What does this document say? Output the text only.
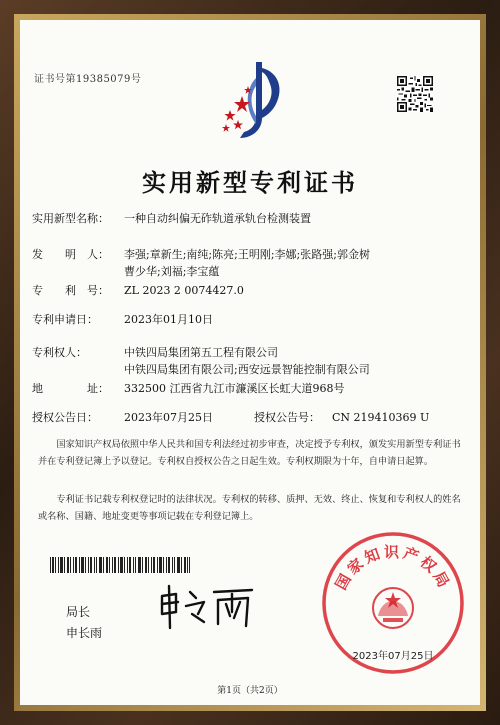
证书号第19385079号
实用新型专利证书
实用新型名称： 一种自动纠偏无砟轨道承轨台检测装置
发　　明　人： 李强;章新生;南纯;陈亮;王明刚;李娜;张路强;郭金树
曹少华;刘福;李宝蕴
专　　利　号： ZL 2023 2 0074427.0
专利申请日： 2023年01月10日
专利权人：	中铁四局集团第五工程有限公司
中铁四局集团有限公司;西安远景智能控制有限公司
地　　　　址： 332500 江西省九江市濂溪区长虹大道968号
授权公告日： 2023年07月25日	授权公告号： CN 219410369 U
国家知识产权局依照中华人民共和国专利法经过初步审查，决定授予专利权，颁发实用新型专利证书并在专利登记簿上予以登记。专利权自授权公告之日起生效。专利权期限为十年，自申请日起算。
专利证书记载专利权登记时的法律状况。专利权的转移、质押、无效、终止、恢复和专利权人的姓名或名称、国籍、地址变更等事项记载在专利登记簿上。
局长
申长雨
国家知识产权局
2023年07月25日
第1页（共2页）
